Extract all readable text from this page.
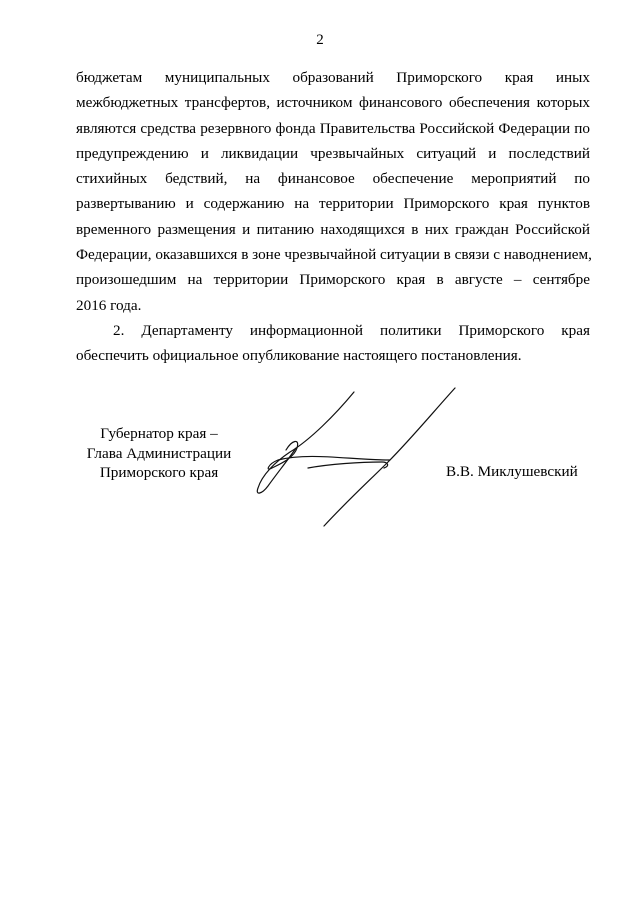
2
бюджетам муниципальных образований Приморского края иных
межбюджетных трансфертов, источником финансового обеспечения которых
являются средства резервного фонда Правительства Российской Федерации по
предупреждению и ликвидации чрезвычайных ситуаций и последствий
стихийных бедствий, на финансовое обеспечение мероприятий по
развертыванию и содержанию на территории Приморского края пунктов
временного размещения и питанию находящихся в них граждан Российской
Федерации, оказавшихся в зоне чрезвычайной ситуации в связи с наводнением,
произошедшим на территории Приморского края в августе – сентябре
2016 года.
2. Департаменту информационной политики Приморского края
обеспечить официальное опубликование настоящего постановления.
Губернатор края –
Глава Администрации
Приморского края	В.В. Миклушевский
